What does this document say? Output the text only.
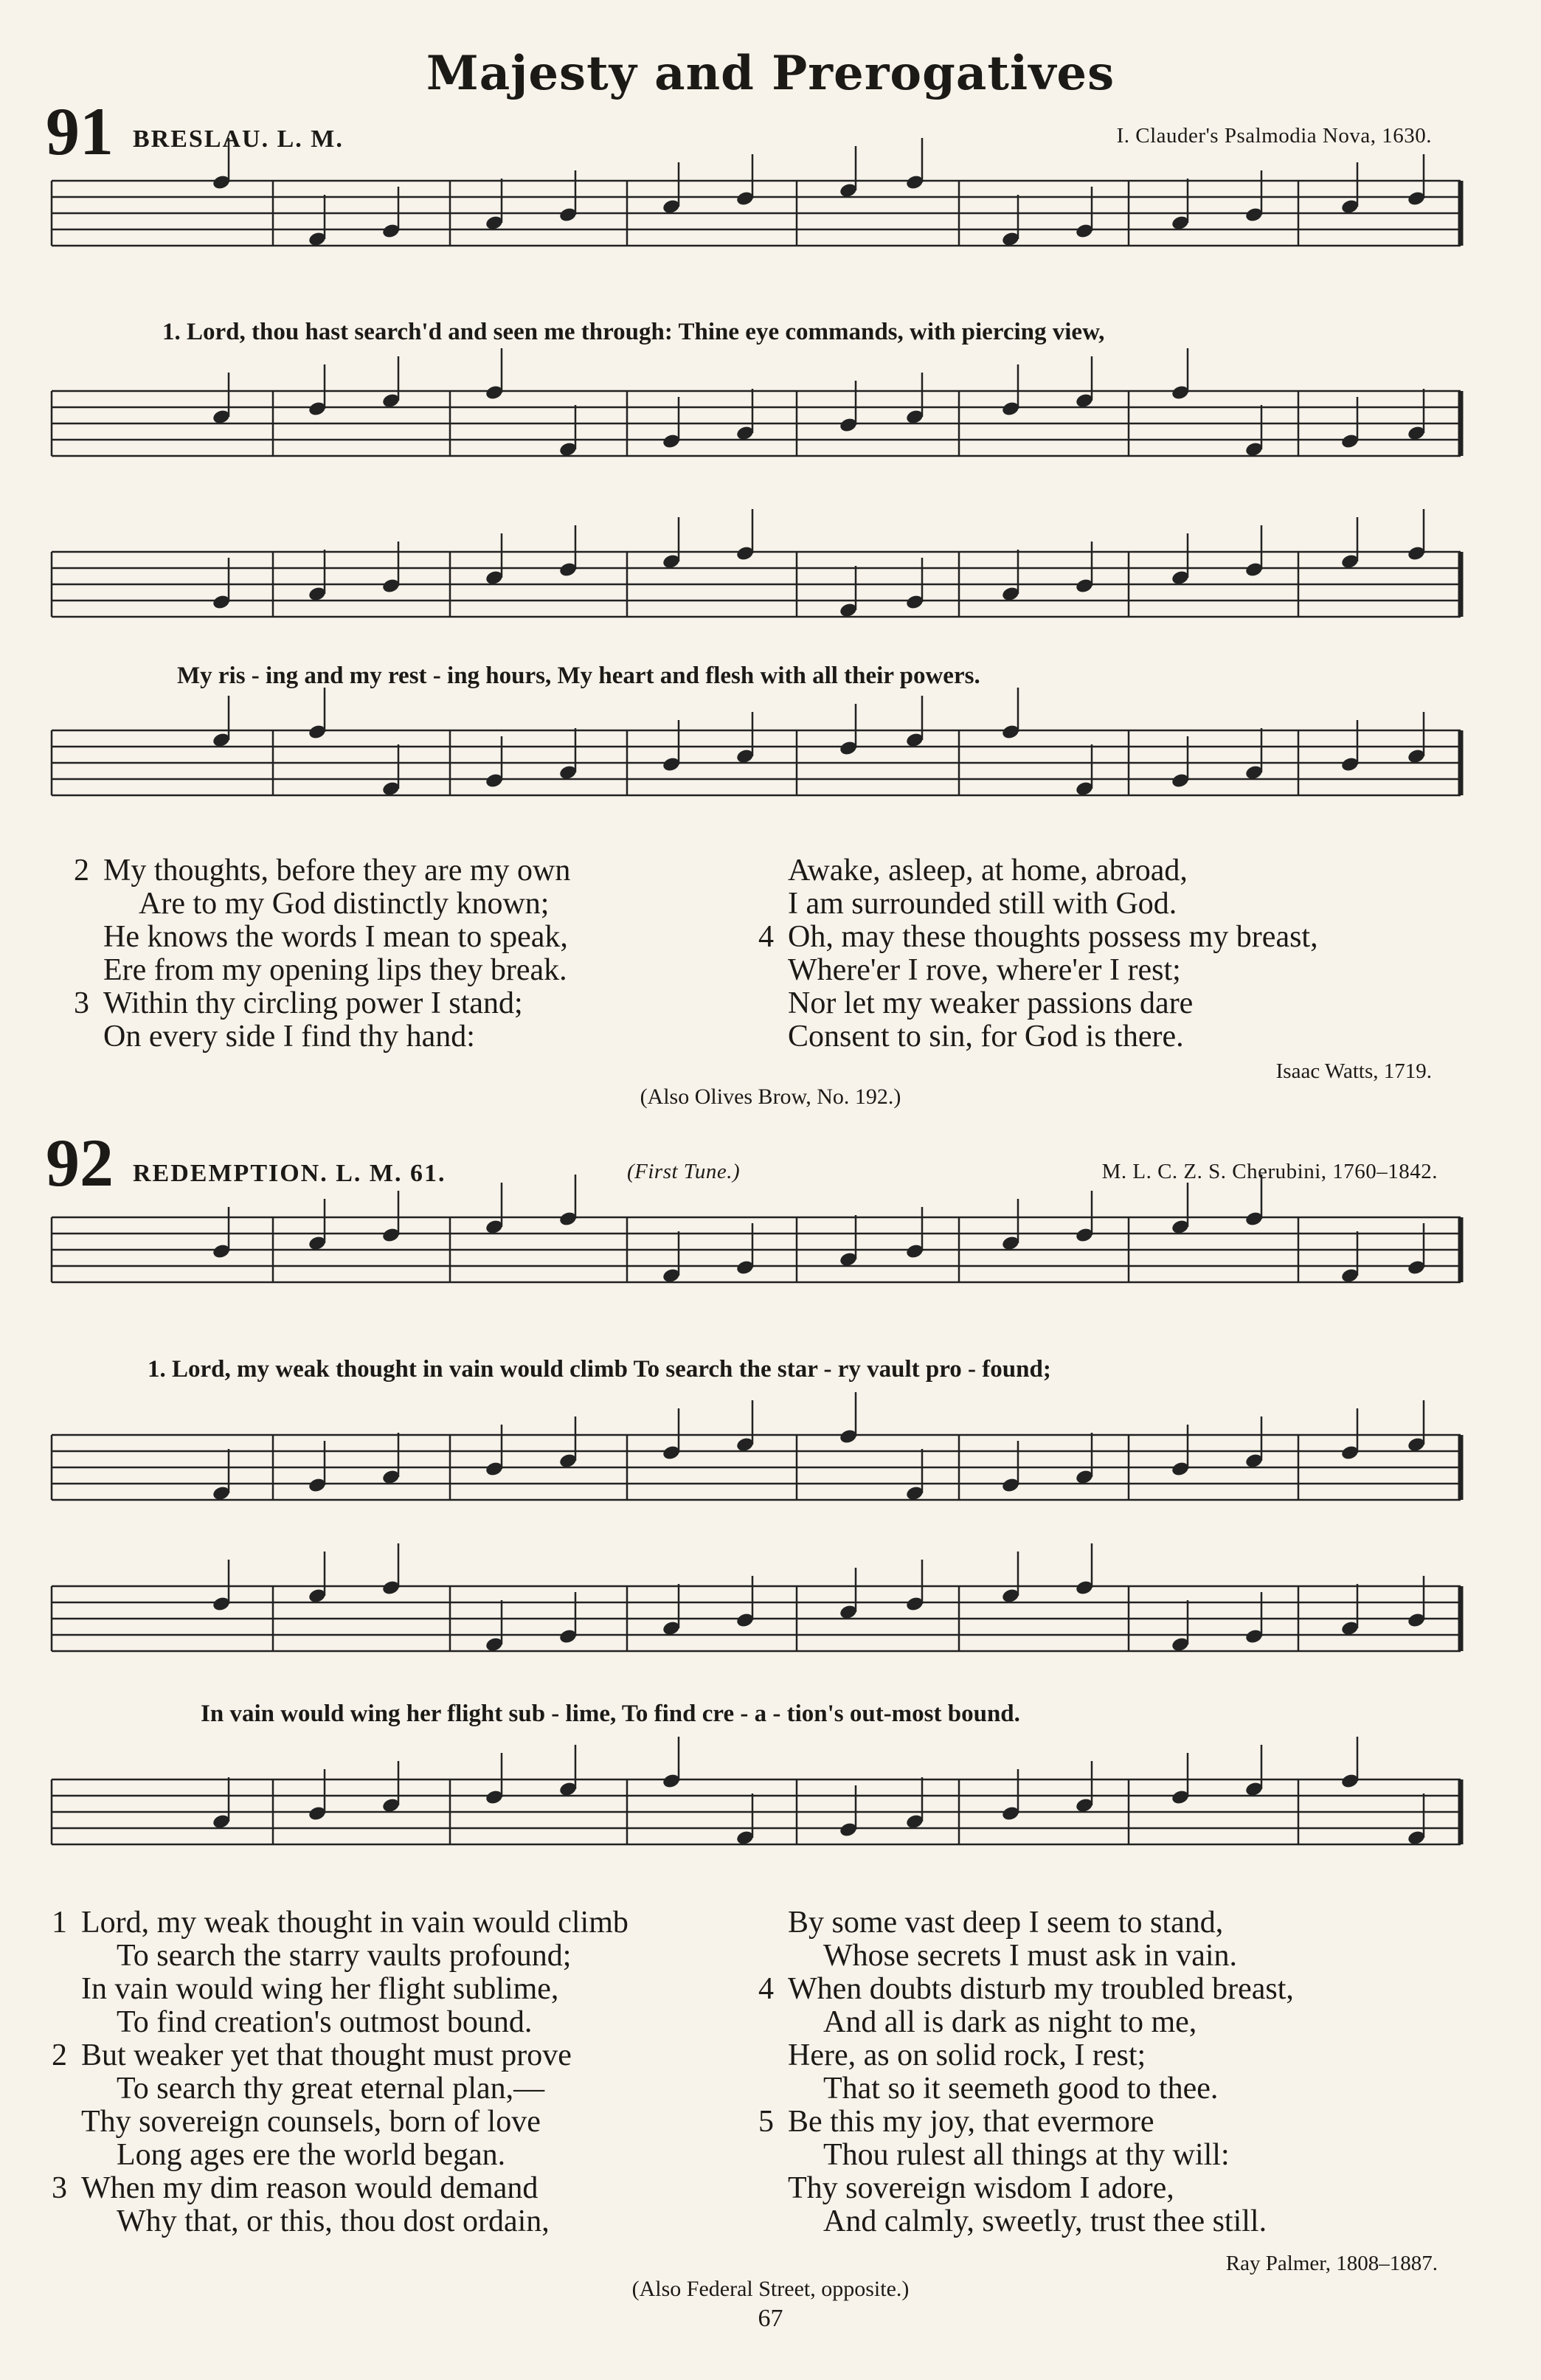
Majesty and Prerogatives
91 BRESLAU. L. M.	I. Clauder's Psalmodia Nova, 1630.
1. Lord, thou hast search'd and seen me through: Thine eye commands, with piercing view,
My ris - ing and my rest - ing hours, My heart and flesh with all their powers.
2 My thoughts, before they are my own
Are to my God distinctly known;
He knows the words I mean to speak,
Ere from my opening lips they break.
3 Within thy circling power I stand;
On every side I find thy hand:
Awake, asleep, at home, abroad,
I am surrounded still with God.
4 Oh, may these thoughts possess my breast,
Where'er I rove, where'er I rest;
Nor let my weaker passions dare
Consent to sin, for God is there.
Isaac Watts, 1719.
(Also Olives Brow, No. 192.)
92 REDEMPTION. L. M. 61.	(First Tune.)	M. L. C. Z. S. Cherubini, 1760–1842.
1. Lord, my weak thought in vain would climb To search the star - ry vault pro - found;
In vain would wing her flight sub - lime, To find cre - a - tion's out-most bound.
1 Lord, my weak thought in vain would climb
To search the starry vaults profound;
In vain would wing her flight sublime,
To find creation's outmost bound.
2 But weaker yet that thought must prove
To search thy great eternal plan,—
Thy sovereign counsels, born of love
Long ages ere the world began.
3 When my dim reason would demand
Why that, or this, thou dost ordain,
By some vast deep I seem to stand,
Whose secrets I must ask in vain.
4 When doubts disturb my troubled breast,
And all is dark as night to me,
Here, as on solid rock, I rest;
That so it seemeth good to thee.
5 Be this my joy, that evermore
Thou rulest all things at thy will:
Thy sovereign wisdom I adore,
And calmly, sweetly, trust thee still.
Ray Palmer, 1808–1887.
(Also Federal Street, opposite.)
67
